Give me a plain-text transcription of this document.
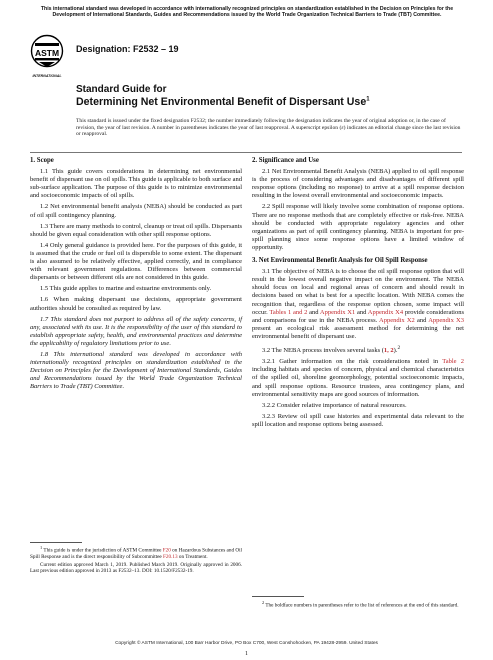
This international standard was developed in accordance with internationally recognized principles on standardization established in the Decision on Principles for the Development of International Standards, Guides and Recommendations issued by the World Trade Organization Technical Barriers to Trade (TBT) Committee.
ASTM
INTERNATIONAL
Designation: F2532 – 19
Standard Guide for
Determining Net Environmental Benefit of Dispersant Use$^1$
This standard is issued under the fixed designation F2532; the number immediately following the designation indicates the year of original adoption or, in the case of revision, the year of last revision. A number in parentheses indicates the year of last reapproval. A superscript epsilon (ε) indicates an editorial change since the last revision or reapproval.
1. Scope
1.1 This guide covers considerations in determining net environmental benefit of dispersant use on oil spills. This guide is applicable to both surface and sub-surface application. The purpose of this guide is to minimize environmental and socioeconomic impacts of oil spills.
1.2 Net environmental benefit analysis (NEBA) should be conducted as part of oil spill contingency planning.
1.3 There are many methods to control, cleanup or treat oil spills. Dispersants should be given equal consideration with other spill response options.
1.4 Only general guidance is provided here. For the purposes of this guide, it is assumed that the crude or fuel oil is dispersible to some extent. The dispersant is also assumed to be relatively effective, applied correctly, and in compliance with relevant government regulations. Differences between commercial dispersants or between different oils are not considered in this guide.
1.5 This guide applies to marine and estuarine environments only.
1.6 When making dispersant use decisions, appropriate government authorities should be consulted as required by law.
1.7 This standard does not purport to address all of the safety concerns, if any, associated with its use. It is the responsibility of the user of this standard to establish appropriate safety, health, and environmental practices and determine the applicability of regulatory limitations prior to use.
1.8 This international standard was developed in accordance with internationally recognized principles on standardization established in the Decision on Principles for the Development of International Standards, Guides and Recommendations issued by the World Trade Organization Technical Barriers to Trade (TBT) Committee.
$^1$ This guide is under the jurisdiction of ASTM Committee F20 on Hazardous Substances and Oil Spill Response and is the direct responsibility of Subcommittee F20.13 on Treatment.
Current edition approved March 1, 2019. Published March 2019. Originally approved in 2006. Last previous edition approved in 2013 as F2532–13. DOI: 10.1520/F2532-19.
2. Significance and Use
2.1 Net Environmental Benefit Analysis (NEBA) applied to oil spill response is the process of considering advantages and disadvantages of different spill response options (including no response) to arrive at a spill response decision resulting in the lowest overall environmental and socioeconomic impacts.
2.2 Spill response will likely involve some combination of response options. There are no response methods that are completely effective or risk-free. NEBA should be conducted with appropriate regulatory agencies and other organizations as part of spill contingency planning. NEBA is important for pre-spill planning since some response options have a limited window of opportunity.
3. Net Environmental Benefit Analysis for Oil Spill Response
3.1 The objective of NEBA is to choose the oil spill response option that will result in the lowest overall negative impact on the environment. The NEBA should focus on local and regional areas of concern and should result in decisions based on what is best for a specific location. With NEBA comes the recognition that, regardless of the response option chosen, some impact will occur. Tables 1 and 2 and Appendix X1 and Appendix X4 provide considerations and comparisons for use in the NEBA process. Appendix X2 and Appendix X3 present an ecological risk assessment method for determining the net environmental benefit of dispersant use.
3.2 The NEBA process involves several tasks (1, 2).$^2$
3.2.1 Gather information on the risk considerations noted in Table 2 including habitats and species of concern, physical and chemical characteristics of the spilled oil, shoreline geomorphology, potential socioeconomic impacts, and spill response options. Resource trustees, area contingency plans, and environmental sensitivity maps are good sources of information.
3.2.2 Consider relative importance of natural resources.
3.2.3 Review oil spill case histories and experimental data relevant to the spill location and response options being assessed.
$^2$ The boldface numbers in parentheses refer to the list of references at the end of this standard.
Copyright © ASTM International, 100 Barr Harbor Drive, PO Box C700, West Conshohocken, PA 19428-2959. United States
1
